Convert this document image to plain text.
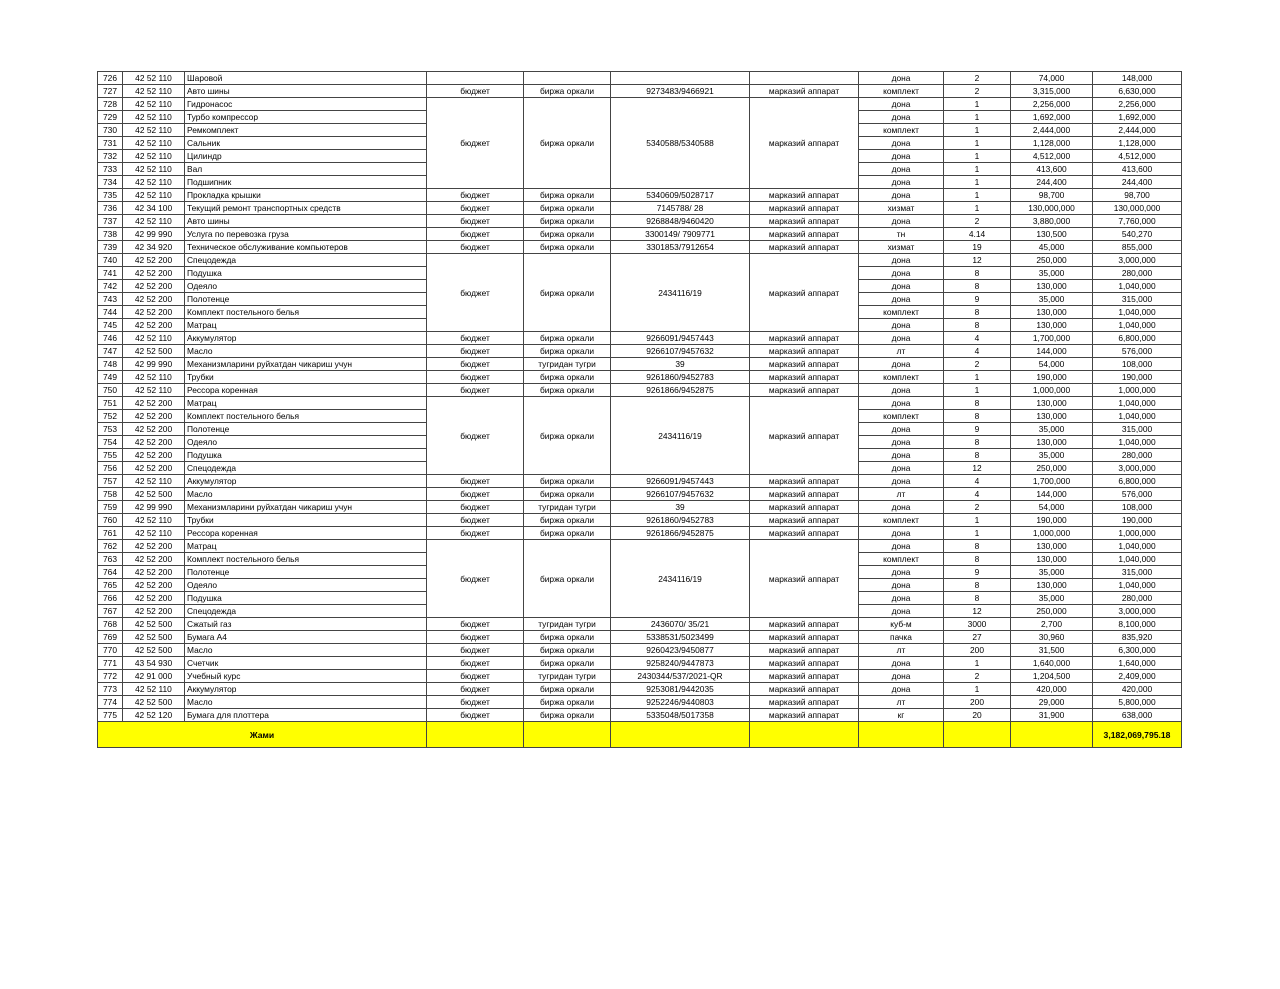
726	42 52 110	Шаровой					дона	2	74,000	148,000
727	42 52 110	Авто шины	бюджет	биржа оркали	9273483/9466921	марказий аппарат	комплект	2	3,315,000	6,630,000
728	42 52 110	Гидронасос	бюджет	биржа оркали	5340588/5340588	марказий аппарат	дона	1	2,256,000	2,256,000
729	42 52 110	Турбо компрессор					дона	1	1,692,000	1,692,000
730	42 52 110	Ремкомплект					комплект	1	2,444,000	2,444,000
731	42 52 110	Сальник					дона	1	1,128,000	1,128,000
732	42 52 110	Цилиндр					дона	1	4,512,000	4,512,000
733	42 52 110	Вал					дона	1	413,600	413,600
734	42 52 110	Подшипник					дона	1	244,400	244,400
735	42 52 110	Прокладка крышки	бюджет	биржа оркали	5340609/5028717	марказий аппарат	дона	1	98,700	98,700
736	42 34 100	Текущий ремонт транспортных средств	бюджет	биржа оркали	7145788/ 28	марказий аппарат	хизмат	1	130,000,000	130,000,000
737	42 52 110	Авто шины	бюджет	биржа оркали	9268848/9460420	марказий аппарат	дона	2	3,880,000	7,760,000
738	42 99 990	Услуга по перевозка груза	бюджет	биржа оркали	3300149/ 7909771	марказий аппарат	тн	4.14	130,500	540,270
739	42 34 920	Техническое обслуживание компьютеров	бюджет	биржа оркали	3301853/7912654	марказий аппарат	хизмат	19	45,000	855,000
740	42 52 200	Спецодежда	бюджет	биржа оркали	2434116/19	марказий аппарат	дона	12	250,000	3,000,000
741	42 52 200	Подушка					дона	8	35,000	280,000
742	42 52 200	Одеяло					дона	8	130,000	1,040,000
743	42 52 200	Полотенце					дона	9	35,000	315,000
744	42 52 200	Комплект постельного белья					комплект	8	130,000	1,040,000
745	42 52 200	Матрац					дона	8	130,000	1,040,000
746	42 52 110	Аккумулятор	бюджет	биржа оркали	9266091/9457443	марказий аппарат	дона	4	1,700,000	6,800,000
747	42 52 500	Масло	бюджет	биржа оркали	9266107/9457632	марказий аппарат	лт	4	144,000	576,000
748	42 99 990	Механизмларини руйхатдан чикариш учун	бюджет	тугридан тугри	39	марказий аппарат	дона	2	54,000	108,000
749	42 52 110	Трубки	бюджет	биржа оркали	9261860/9452783	марказий аппарат	комплект	1	190,000	190,000
750	42 52 110	Рессора коренная	бюджет	биржа оркали	9261866/9452875	марказий аппарат	дона	1	1,000,000	1,000,000
751	42 52 200	Матрац	бюджет	биржа оркали	2434116/19	марказий аппарат	дона	8	130,000	1,040,000
752	42 52 200	Комплект постельного белья					комплект	8	130,000	1,040,000
753	42 52 200	Полотенце					дона	9	35,000	315,000
754	42 52 200	Одеяло					дона	8	130,000	1,040,000
755	42 52 200	Подушка					дона	8	35,000	280,000
756	42 52 200	Спецодежда					дона	12	250,000	3,000,000
757	42 52 110	Аккумулятор	бюджет	биржа оркали	9266091/9457443	марказий аппарат	дона	4	1,700,000	6,800,000
758	42 52 500	Масло	бюджет	биржа оркали	9266107/9457632	марказий аппарат	лт	4	144,000	576,000
759	42 99 990	Механизмларини руйхатдан чикариш учун	бюджет	тугридан тугри	39	марказий аппарат	дона	2	54,000	108,000
760	42 52 110	Трубки	бюджет	биржа оркали	9261860/9452783	марказий аппарат	комплект	1	190,000	190,000
761	42 52 110	Рессора коренная	бюджет	биржа оркали	9261866/9452875	марказий аппарат	дона	1	1,000,000	1,000,000
762	42 52 200	Матрац	бюджет	биржа оркали	2434116/19	марказий аппарат	дона	8	130,000	1,040,000
763	42 52 200	Комплект постельного белья					комплект	8	130,000	1,040,000
764	42 52 200	Полотенце					дона	9	35,000	315,000
765	42 52 200	Одеяло					дона	8	130,000	1,040,000
766	42 52 200	Подушка					дона	8	35,000	280,000
767	42 52 200	Спецодежда					дона	12	250,000	3,000,000
768	42 52 500	Сжатый газ	бюджет	тугридан тугри	2436070/ 35/21	марказий аппарат	куб-м	3000	2,700	8,100,000
769	42 52 500	Бумага А4	бюджет	биржа оркали	5338531/5023499	марказий аппарат	пачка	27	30,960	835,920
770	42 52 500	Масло	бюджет	биржа оркали	9260423/9450877	марказий аппарат	лт	200	31,500	6,300,000
771	43 54 930	Счетчик	бюджет	биржа оркали	9258240/9447873	марказий аппарат	дона	1	1,640,000	1,640,000
772	42 91 000	Учебный курс	бюджет	тугридан тугри	2430344/537/2021-QR	марказий аппарат	дона	2	1,204,500	2,409,000
773	42 52 110	Аккумулятор	бюджет	биржа оркали	9253081/9442035	марказий аппарат	дона	1	420,000	420,000
774	42 52 500	Масло	бюджет	биржа оркали	9252246/9440803	марказий аппарат	лт	200	29,000	5,800,000
775	42 52 120	Бумага для плоттера	бюджет	биржа оркали	5335048/5017358	марказий аппарат	кг	20	31,900	638,000
Жами										3,182,069,795.18
